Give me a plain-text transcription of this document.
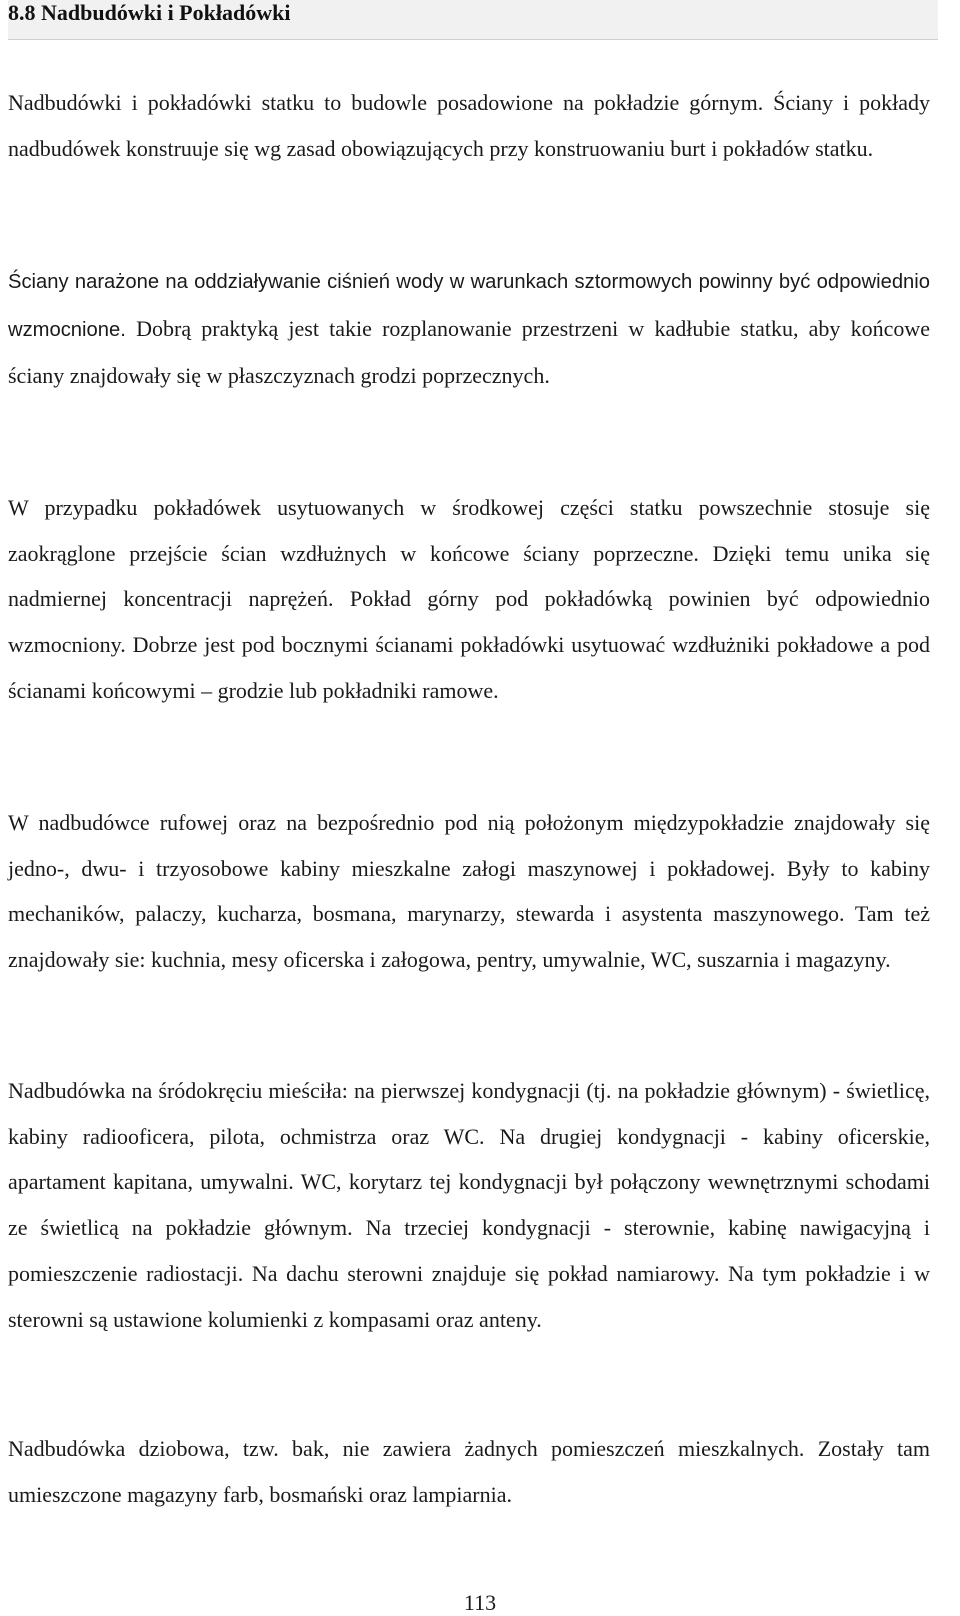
8.8 Nadbudówki i Pokładówki

Nadbudówki i pokładówki statku to budowle posadowione na pokładzie górnym. Ściany i pokłady nadbudówek konstruuje się wg zasad obowiązujących przy konstruowaniu burt i pokładów statku.

Ściany narażone na oddziaływanie ciśnień wody w warunkach sztormowych powinny być odpowiednio wzmocnione. Dobrą praktyką jest takie rozplanowanie przestrzeni w kadłubie statku, aby końcowe ściany znajdowały się w płaszczyznach grodzi poprzecznych.

W przypadku pokładówek usytuowanych w środkowej części statku powszechnie stosuje się zaokrąglone przejście ścian wzdłużnych w końcowe ściany poprzeczne. Dzięki temu unika się nadmiernej koncentracji naprężeń. Pokład górny pod pokładówką powinien być odpowiednio wzmocniony. Dobrze jest pod bocznymi ścianami pokładówki usytuować wzdłużniki pokładowe a pod ścianami końcowymi – grodzie lub pokładniki ramowe.

W nadbudówce rufowej oraz na bezpośrednio pod nią położonym międzypokładzie znajdowały się jedno-, dwu- i trzyosobowe kabiny mieszkalne załogi maszynowej i pokładowej. Były to kabiny mechaników, palaczy, kucharza, bosmana, marynarzy, stewarda i asystenta maszynowego. Tam też znajdowały sie: kuchnia, mesy oficerska i załogowa, pentry, umywalnie, WC, suszarnia i magazyny.

Nadbudówka na śródokręciu mieściła: na pierwszej kondygnacji (tj. na pokładzie głównym) - świetlicę, kabiny radiooficera, pilota, ochmistrza oraz WC. Na drugiej kondygnacji - kabiny oficerskie, apartament kapitana, umywalni. WC, korytarz tej kondygnacji był połączony wewnętrznymi schodami ze świetlicą na pokładzie głównym. Na trzeciej kondygnacji - sterownie, kabinę nawigacyjną i pomieszczenie radiostacji. Na dachu sterowni znajduje się pokład namiarowy. Na tym pokładzie i w sterowni są ustawione kolumienki z kompasami oraz anteny.

Nadbudówka dziobowa, tzw. bak, nie zawiera żadnych pomieszczeń mieszkalnych. Zostały tam umieszczone magazyny farb, bosmański oraz lampiarnia.

113
